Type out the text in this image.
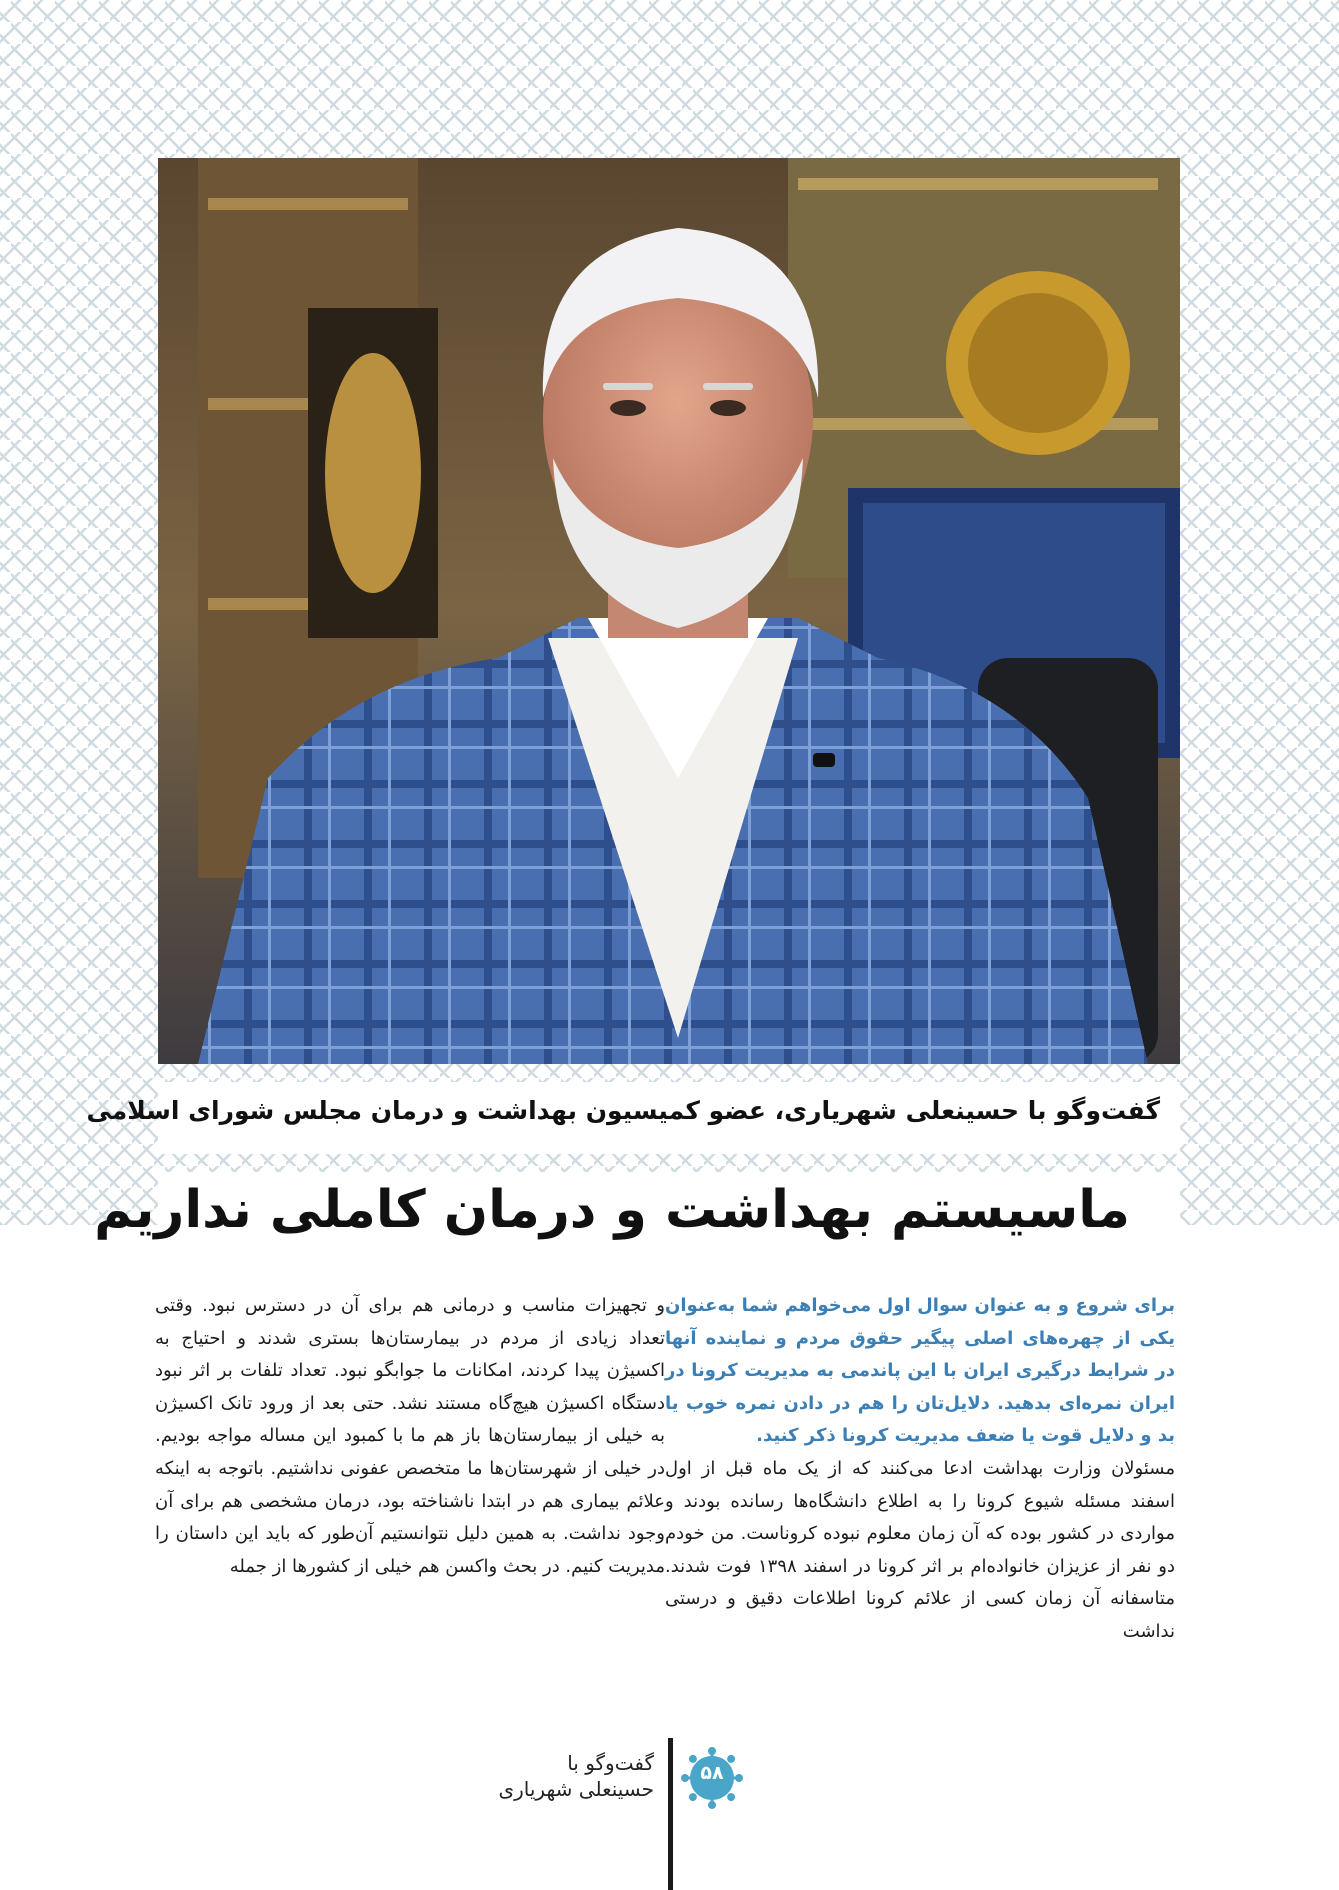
گفت‌وگو با حسینعلی شهریاری، عضو کمیسیون بهداشت و درمان مجلس شورای اسلامی
ماسیستم بهداشت و درمان کاملی نداریم

برای شروع و به عنوان سوال اول می‌خواهم شما به‌عنوان یکی از چهره‌های اصلی پیگیر حقوق مردم و نماینده آنها در شرایط درگیری ایران با این پاندمی به مدیریت کرونا در ایران نمره‌ای بدهید. دلایل‌تان را هم در دادن نمره خوب یا بد و دلایل قوت یا ضعف مدیریت کرونا ذکر کنید.

مسئولان وزارت بهداشت ادعا می‌کنند که از یک ماه قبل از اول اسفند مسئله شیوع کرونا را به اطلاع دانشگاه‌ها رسانده بودند و مواردی در کشور بوده که آن زمان معلوم نبوده کروناست. من خودم دو نفر از عزیزان خانواده‌ام بر اثر کرونا در اسفند ۱۳۹۸ فوت شدند. متاسفانه آن زمان کسی از علائم کرونا اطلاعات دقیق و درستی نداشت

و تجهیزات مناسب و درمانی هم برای آن در دسترس نبود. وقتی تعداد زیادی از مردم در بیمارستان‌ها بستری شدند و احتیاج به اکسیژن پیدا کردند، امکانات ما جوابگو نبود. تعداد تلفات بر اثر نبود دستگاه اکسیژن هیچ‌گاه مستند نشد. حتی بعد از ورود تانک اکسیژن به خیلی از بیمارستان‌ها باز هم ما با کمبود این مساله مواجه بودیم. در خیلی از شهرستان‌ها ما متخصص عفونی نداشتیم. باتوجه به اینکه علائم بیماری هم در ابتدا ناشناخته بود، درمان مشخصی هم برای آن وجود نداشت. به همین دلیل نتوانستیم آن‌طور که باید این داستان را مدیریت کنیم. در بحث واکسن هم خیلی از کشورها از جمله

۵۸
گفت‌وگو با
حسینعلی شهریاری
